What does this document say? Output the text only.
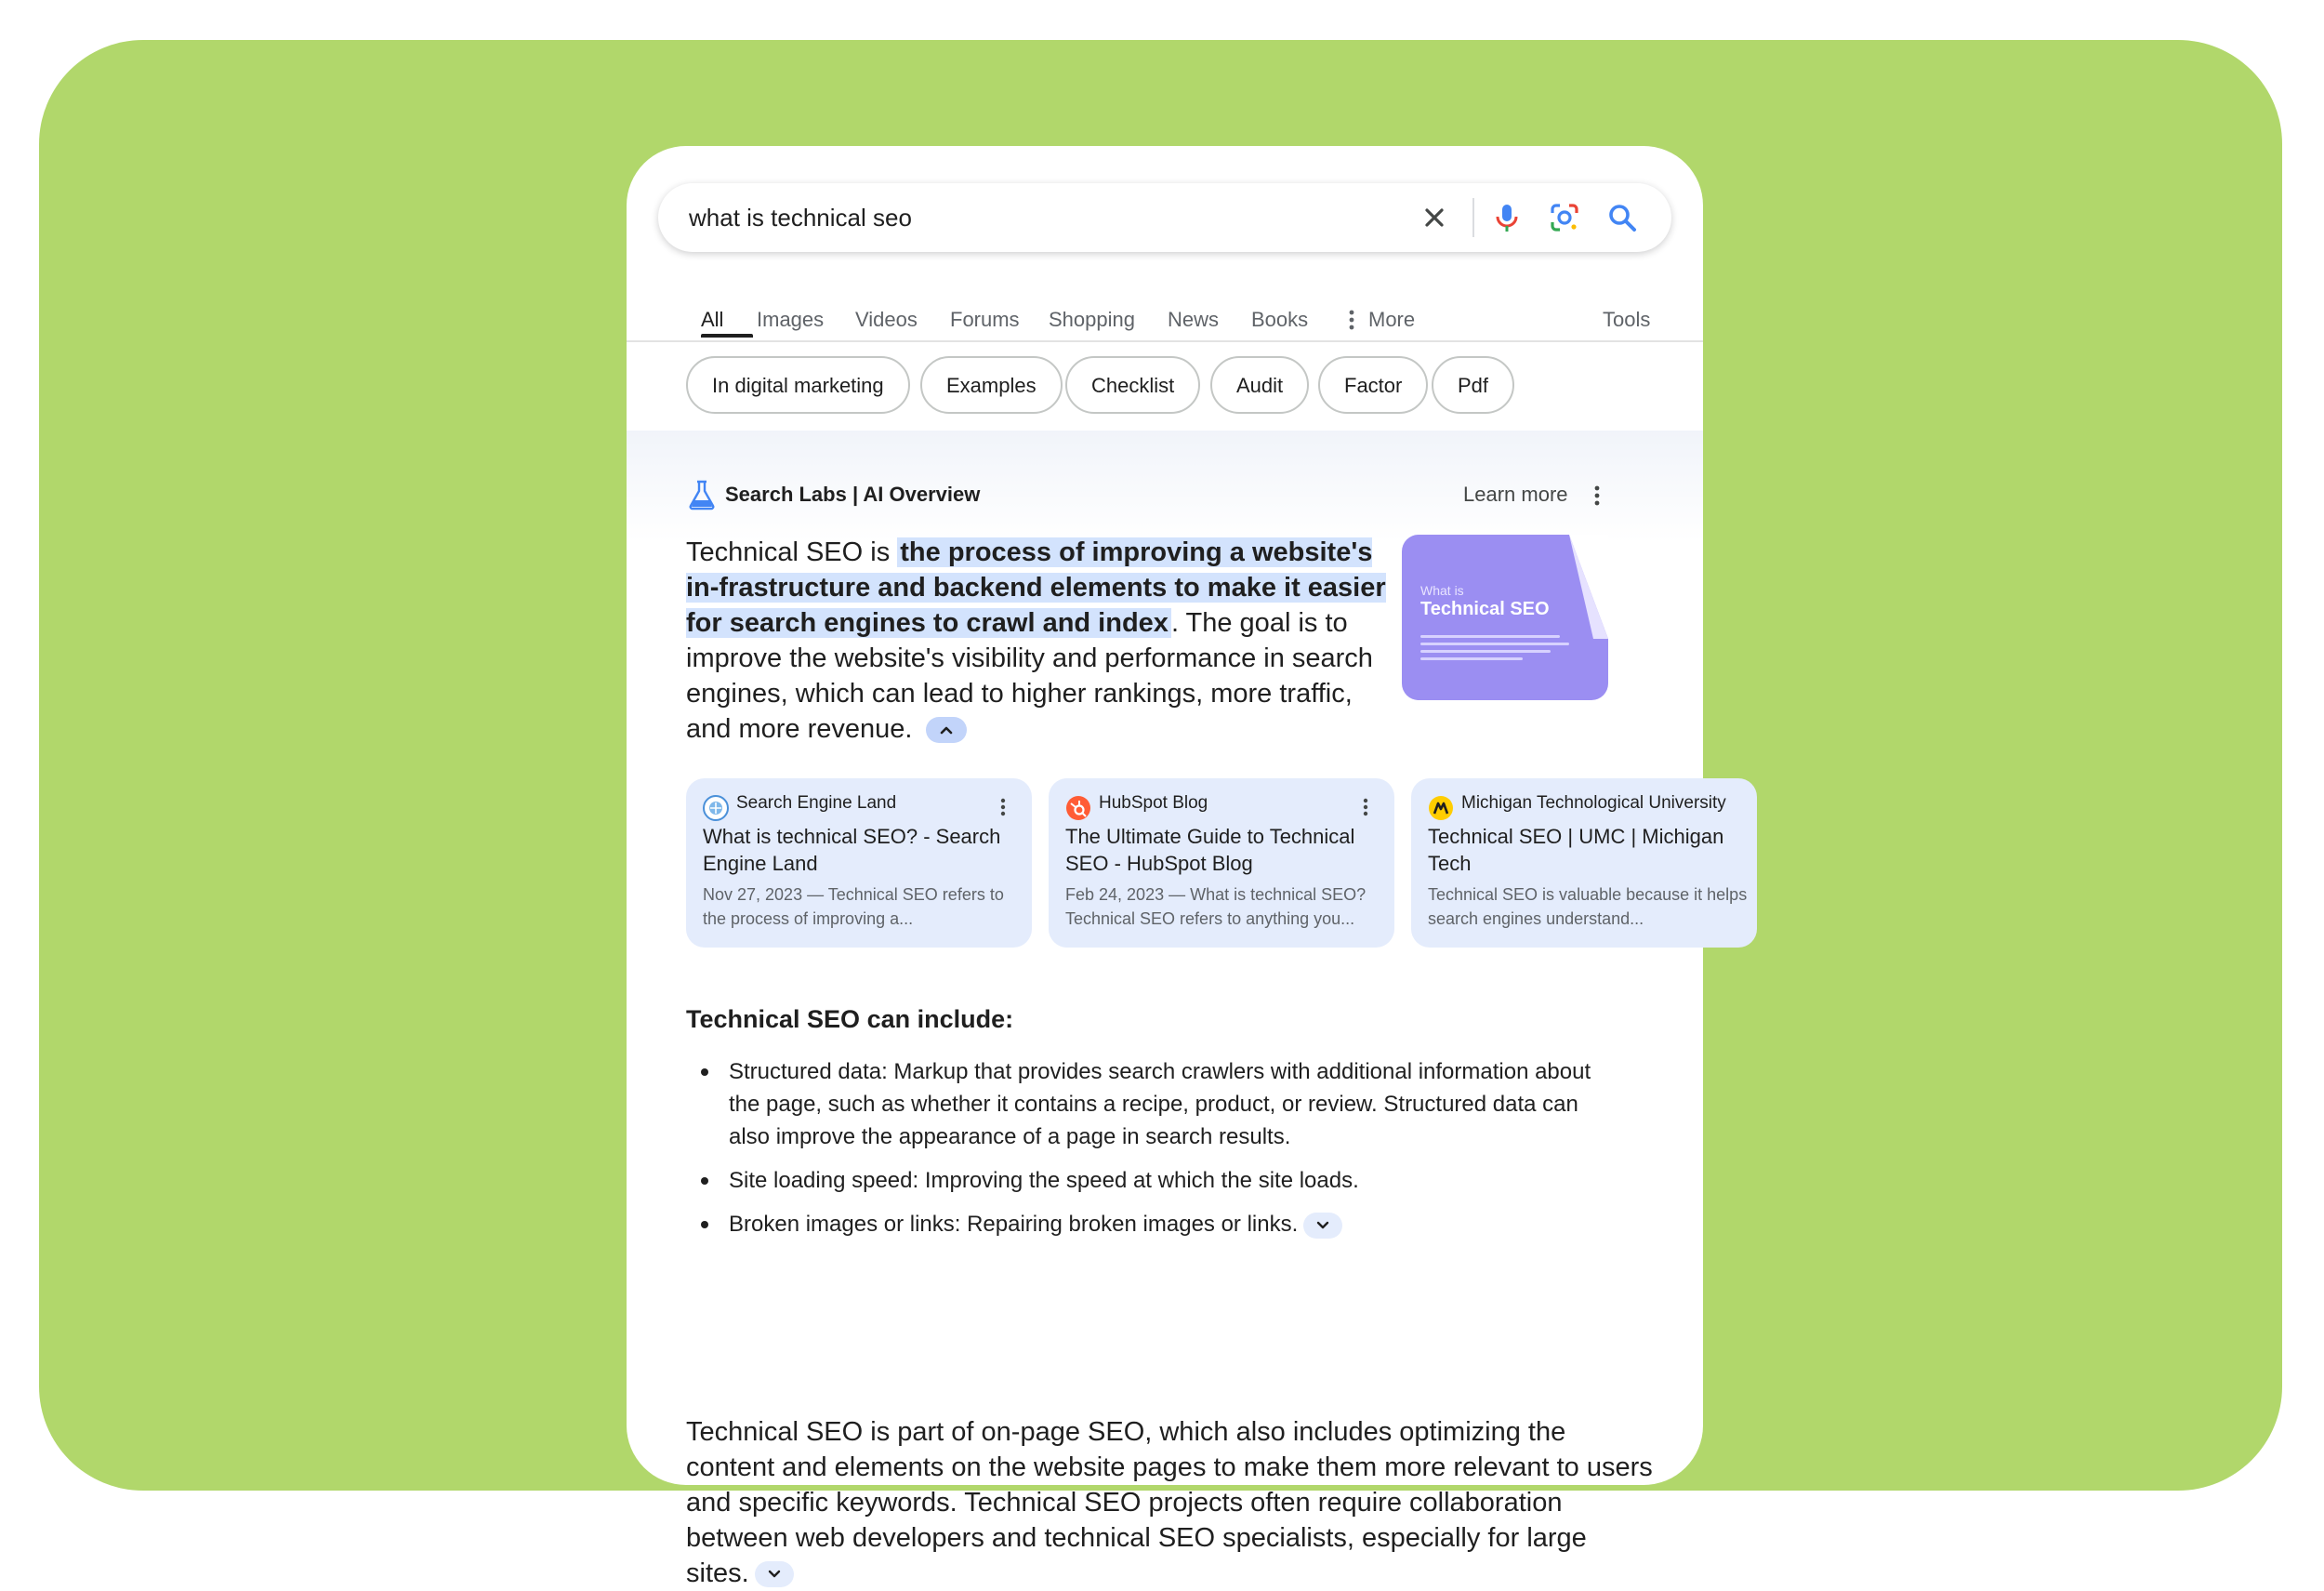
what is technical seo
All Images Videos Forums Shopping News Books	More	Tools
In digital marketing	Examples	Checklist	Audit	Factor	Pdf
Search Labs | AI Overview	Learn more
Technical SEO is the process of improving a website's in-frastructure and backend elements to make it easier for search engines to crawl and index . The goal is to improve the website's visibility and performance in search engines, which can lead to higher rankings, more traffic, and more revenue.
What is
Technical SEO
Search Engine Land
What is technical SEO? - Search Engine Land
Nov 27, 2023 — Technical SEO refers to the process of improving a...
HubSpot Blog
The Ultimate Guide to Technical SEO - HubSpot Blog
Feb 24, 2023 — What is technical SEO? Technical SEO refers to anything you...
Michigan Technological University
Technical SEO | UMC | Michigan Tech
Technical SEO is valuable because it helps search engines understand...
Technical SEO can include:
Structured data: Markup that provides search crawlers with additional information about the page, such as whether it contains a recipe, product, or review. Structured data can also improve the appearance of a page in search results.
Site loading speed: Improving the speed at which the site loads.
Broken images or links: Repairing broken images or links.
Technical SEO is part of on-page SEO, which also includes optimizing the content and elements on the website pages to make them more relevant to users and specific keywords. Technical SEO projects often require collaboration between web developers and technical SEO specialists, especially for large sites.
